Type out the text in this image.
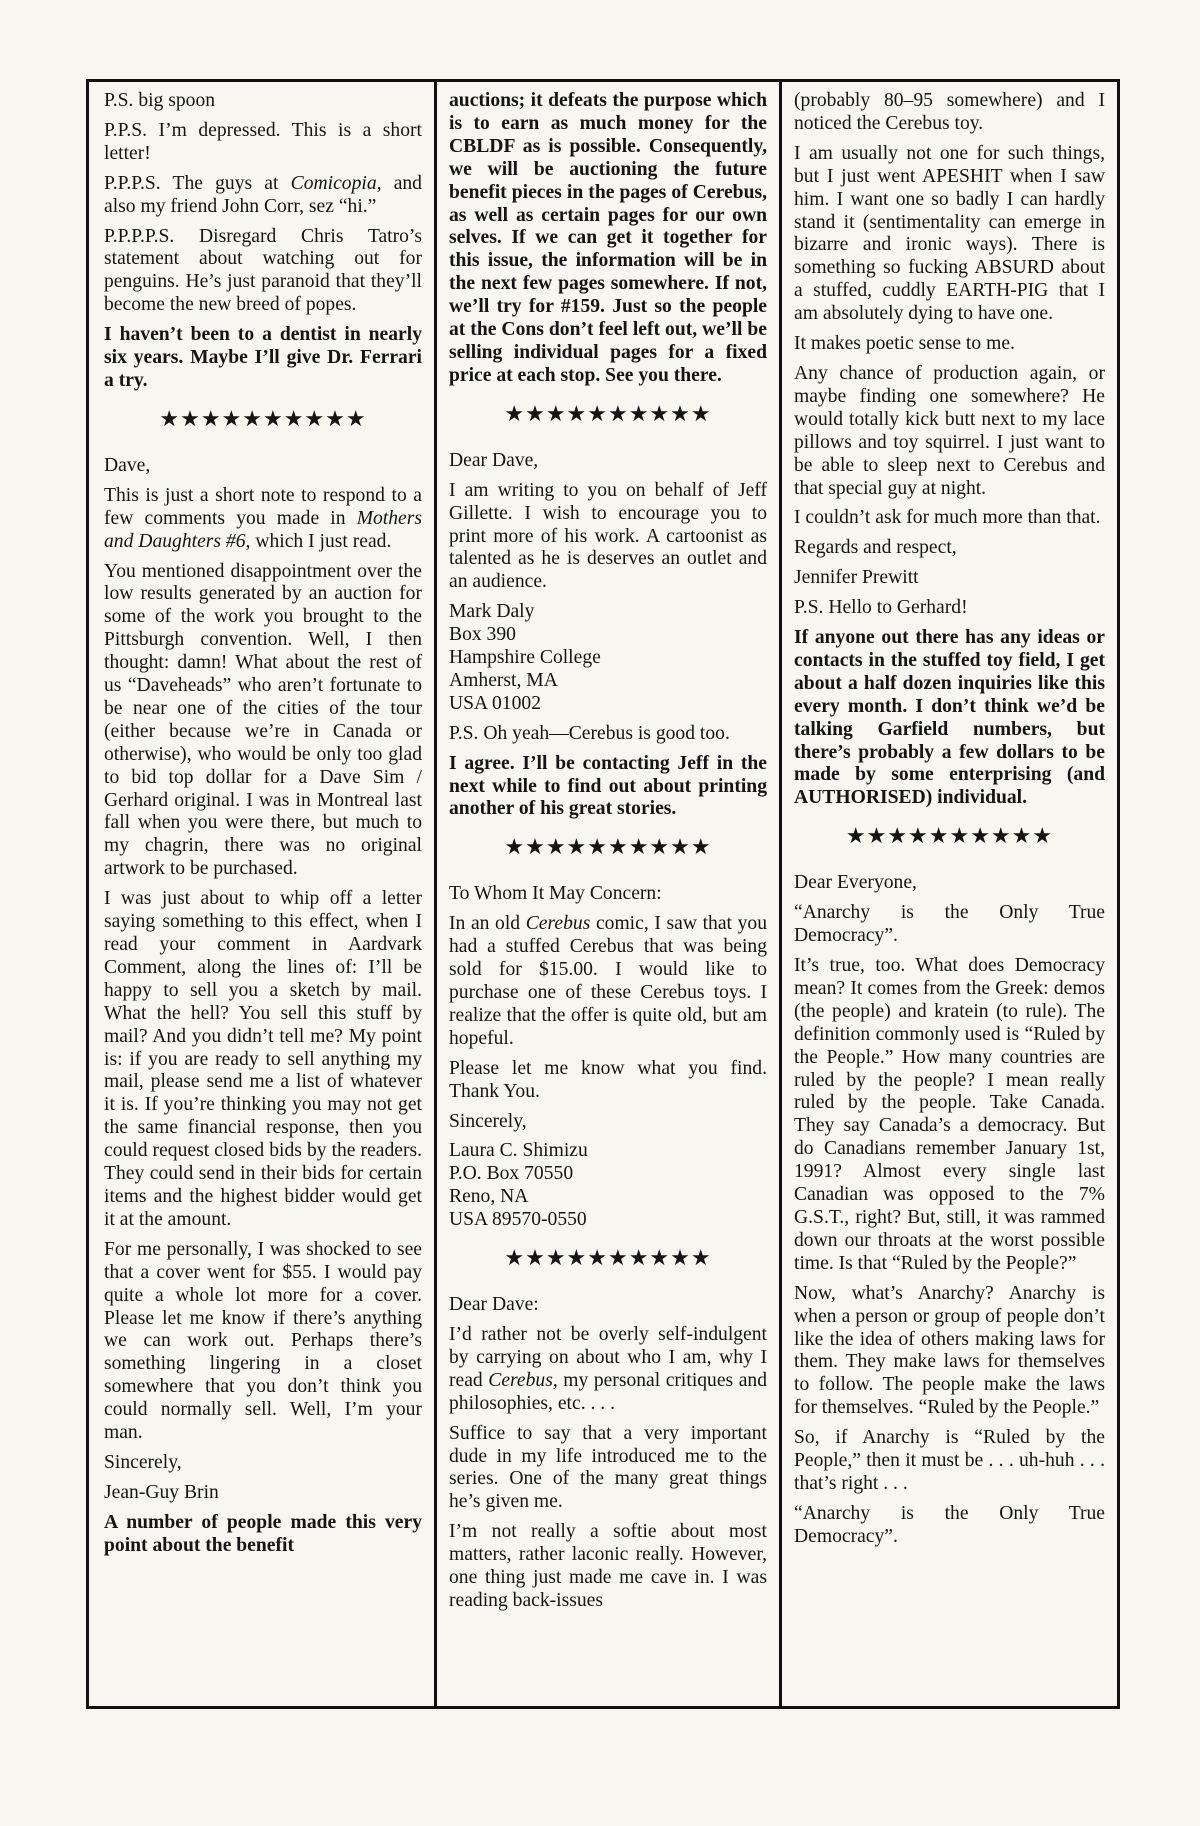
P.S. big spoon

P.P.S. I’m depressed. This is a short letter!

P.P.P.S. The guys at Comicopia, and also my friend John Corr, sez “hi.”

P.P.P.P.S. Disregard Chris Tatro’s statement about watching out for penguins. He’s just paranoid that they’ll become the new breed of popes.

I haven’t been to a dentist in nearly six years. Maybe I’ll give Dr. Ferrari a try.

★★★★★★★★★★

Dave,

This is just a short note to respond to a few comments you made in Mothers and Daughters #6, which I just read.

You mentioned disappointment over the low results generated by an auction for some of the work you brought to the Pittsburgh convention. Well, I then thought: damn! What about the rest of us “Daveheads” who aren’t fortunate to be near one of the cities of the tour (either because we’re in Canada or otherwise), who would be only too glad to bid top dollar for a Dave Sim / Gerhard original. I was in Montreal last fall when you were there, but much to my chagrin, there was no original artwork to be purchased.

I was just about to whip off a letter saying something to this effect, when I read your comment in Aardvark Comment, along the lines of: I’ll be happy to sell you a sketch by mail. What the hell? You sell this stuff by mail? And you didn’t tell me? My point is: if you are ready to sell anything my mail, please send me a list of whatever it is. If you’re thinking you may not get the same financial response, then you could request closed bids by the readers. They could send in their bids for certain items and the highest bidder would get it at the amount.

For me personally, I was shocked to see that a cover went for $55. I would pay quite a whole lot more for a cover. Please let me know if there’s anything we can work out. Perhaps there’s something lingering in a closet somewhere that you don’t think you could normally sell. Well, I’m your man.

Sincerely,

Jean-Guy Brin

A number of people made this very point about the benefit

auctions; it defeats the purpose which is to earn as much money for the CBLDF as is possible. Consequently, we will be auctioning the future benefit pieces in the pages of Cerebus, as well as certain pages for our own selves. If we can get it together for this issue, the information will be in the next few pages somewhere. If not, we’ll try for #159. Just so the people at the Cons don’t feel left out, we’ll be selling individual pages for a fixed price at each stop. See you there.

★★★★★★★★★★

Dear Dave,

I am writing to you on behalf of Jeff Gillette. I wish to encourage you to print more of his work. A cartoonist as talented as he is deserves an outlet and an audience.

Mark Daly

Box 390

Hampshire College

Amherst, MA

USA 01002

P.S. Oh yeah—Cerebus is good too.

I agree. I’ll be contacting Jeff in the next while to find out about printing another of his great stories.

★★★★★★★★★★

To Whom It May Concern:

In an old Cerebus comic, I saw that you had a stuffed Cerebus that was being sold for $15.00. I would like to purchase one of these Cerebus toys. I realize that the offer is quite old, but am hopeful.

Please let me know what you find. Thank You.

Sincerely,

Laura C. Shimizu

P.O. Box 70550

Reno, NA

USA 89570-0550

★★★★★★★★★★

Dear Dave:

I’d rather not be overly self-indulgent by carrying on about who I am, why I read Cerebus, my personal critiques and philosophies, etc. . . .

Suffice to say that a very important dude in my life introduced me to the series. One of the many great things he’s given me.

I’m not really a softie about most matters, rather laconic really. However, one thing just made me cave in. I was reading back-issues

(probably 80–95 somewhere) and I noticed the Cerebus toy.

I am usually not one for such things, but I just went APESHIT when I saw him. I want one so badly I can hardly stand it (sentimentality can emerge in bizarre and ironic ways). There is something so fucking ABSURD about a stuffed, cuddly EARTH-PIG that I am absolutely dying to have one.

It makes poetic sense to me.

Any chance of production again, or maybe finding one somewhere? He would totally kick butt next to my lace pillows and toy squirrel. I just want to be able to sleep next to Cerebus and that special guy at night.

I couldn’t ask for much more than that.

Regards and respect,

Jennifer Prewitt

P.S. Hello to Gerhard!

If anyone out there has any ideas or contacts in the stuffed toy field, I get about a half dozen inquiries like this every month. I don’t think we’d be talking Garfield numbers, but there’s probably a few dollars to be made by some enterprising (and AUTHORISED) individual.

★★★★★★★★★★

Dear Everyone,

“Anarchy is the Only True Democracy”.

It’s true, too. What does Democracy mean? It comes from the Greek: demos (the people) and kratein (to rule). The definition commonly used is “Ruled by the People.” How many countries are ruled by the people? I mean really ruled by the people. Take Canada. They say Canada’s a democracy. But do Canadians remember January 1st, 1991? Almost every single last Canadian was opposed to the 7% G.S.T., right? But, still, it was rammed down our throats at the worst possible time. Is that “Ruled by the People?”

Now, what’s Anarchy? Anarchy is when a person or group of people don’t like the idea of others making laws for them. They make laws for themselves to follow. The people make the laws for themselves. “Ruled by the People.”

So, if Anarchy is “Ruled by the People,” then it must be . . . uh-huh . . . that’s right . . .

“Anarchy is the Only True Democracy”.
